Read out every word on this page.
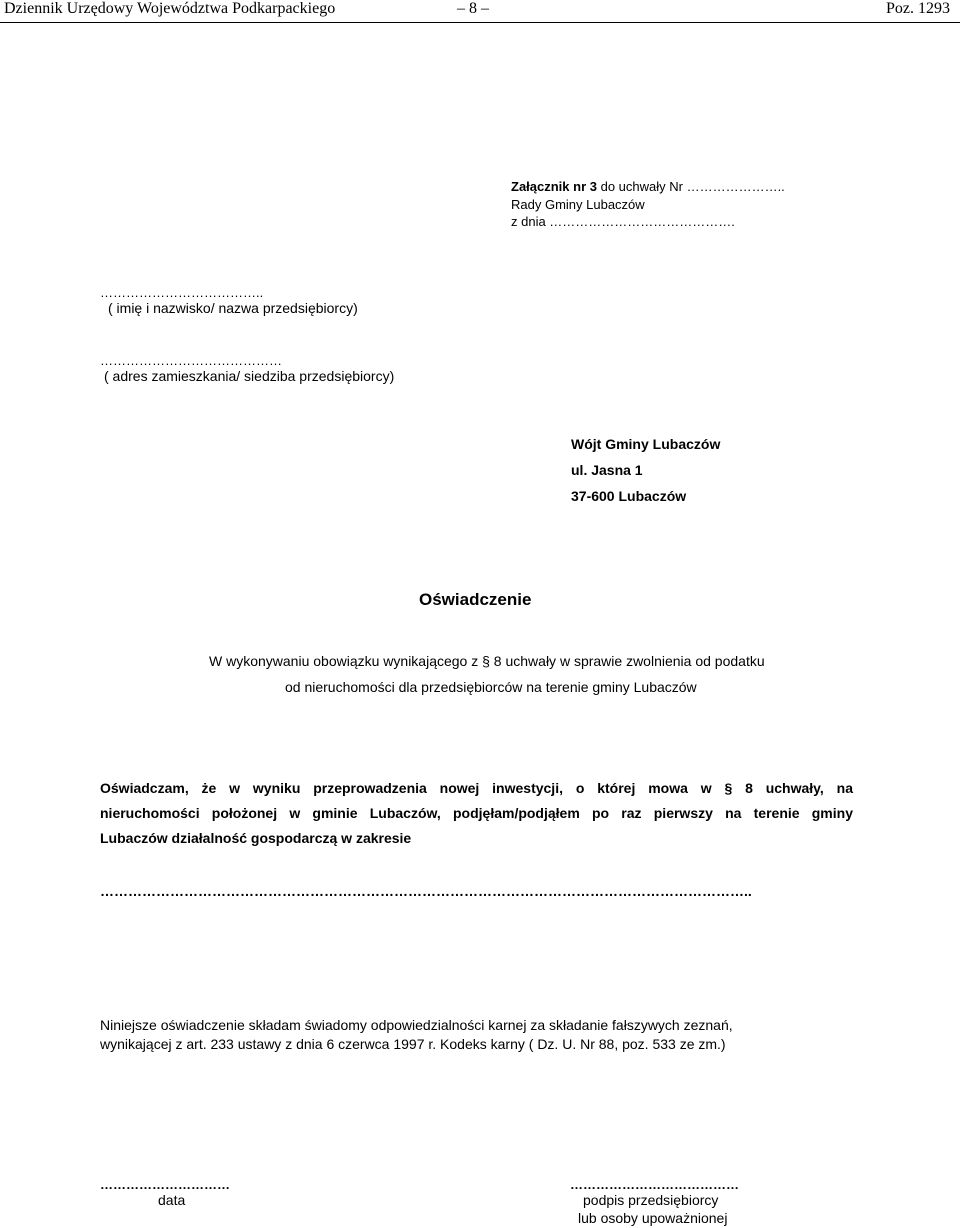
Dziennik Urzędowy Województwa Podkarpackiego	– 8 –	Poz. 1293
Załącznik nr 3 do uchwały Nr …………………..
Rady Gminy Lubaczów
z dnia …………………………………….
………………………………..
( imię i nazwisko/ nazwa przedsiębiorcy)
……………………………………
( adres zamieszkania/ siedziba przedsiębiorcy)
Wójt Gminy Lubaczów
ul. Jasna 1
37-600 Lubaczów
Oświadczenie
W wykonywaniu obowiązku wynikającego z § 8 uchwały w sprawie zwolnienia od podatku
od nieruchomości dla przedsiębiorców na terenie gminy Lubaczów
Oświadczam, że w wyniku przeprowadzenia nowej inwestycji, o której mowa w § 8 uchwały, na
nieruchomości położonej w gminie Lubaczów, podjęłam/podjąłem po raz pierwszy na terenie gminy
Lubaczów działalność gospodarczą w zakresie
…………………………………………………………………………………………………………………………..
Niniejsze oświadczenie składam świadomy odpowiedzialności karnej za składanie fałszywych zeznań,
wynikającej z art. 233 ustawy z dnia 6 czerwca 1997 r. Kodeks karny ( Dz. U. Nr 88, poz. 533 ze zm.)
…………………………
data
…………………………………
podpis przedsiębiorcy
lub osoby upoważnionej
